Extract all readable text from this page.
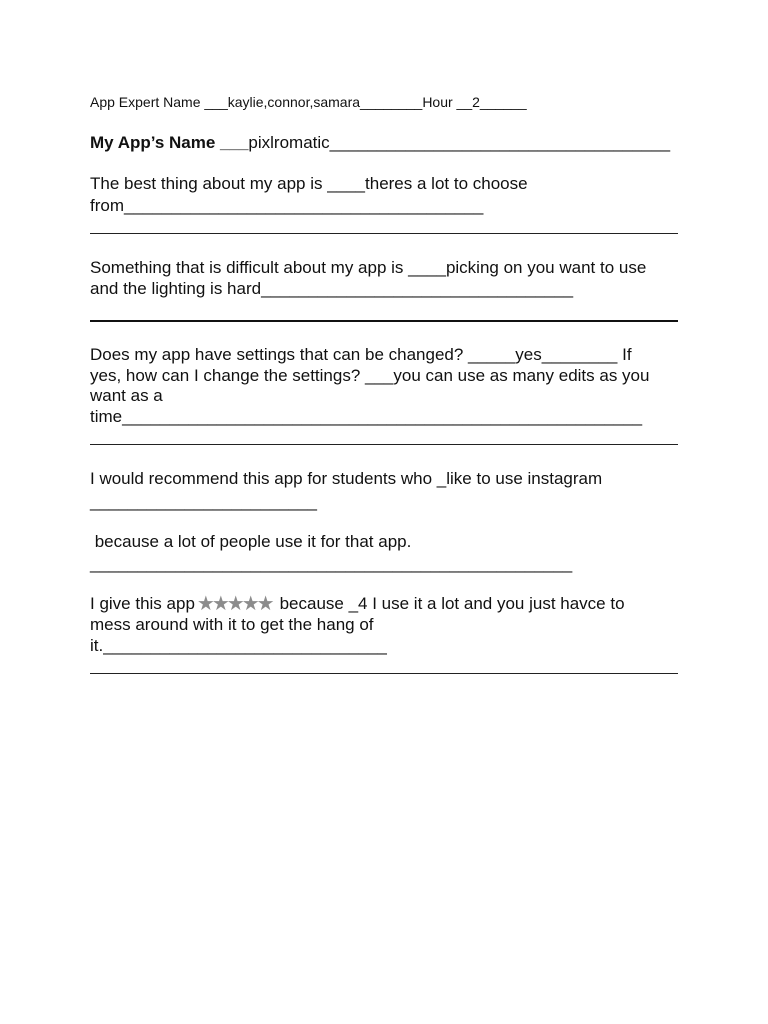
App Expert Name ___kaylie,connor,samara________Hour __2______
My App’s Name ___pixlromatic____________________________________
The best thing about my app is ____theres a lot to choose
from______________________________________
Something that is difficult about my app is ____picking on you want to use
and the lighting is hard_________________________________
Does my app have settings that can be changed? _____yes________ If
yes, how can I change the settings? ___you can use as many edits as you
want as a
time_______________________________________________________
I would recommend this app for students who _like to use instagram
________________________
because a lot of people use it for that app.
___________________________________________________
I give this app ★★★★★ because _4 I use it a lot and you just havce to
mess around with it to get the hang of
it.______________________________
